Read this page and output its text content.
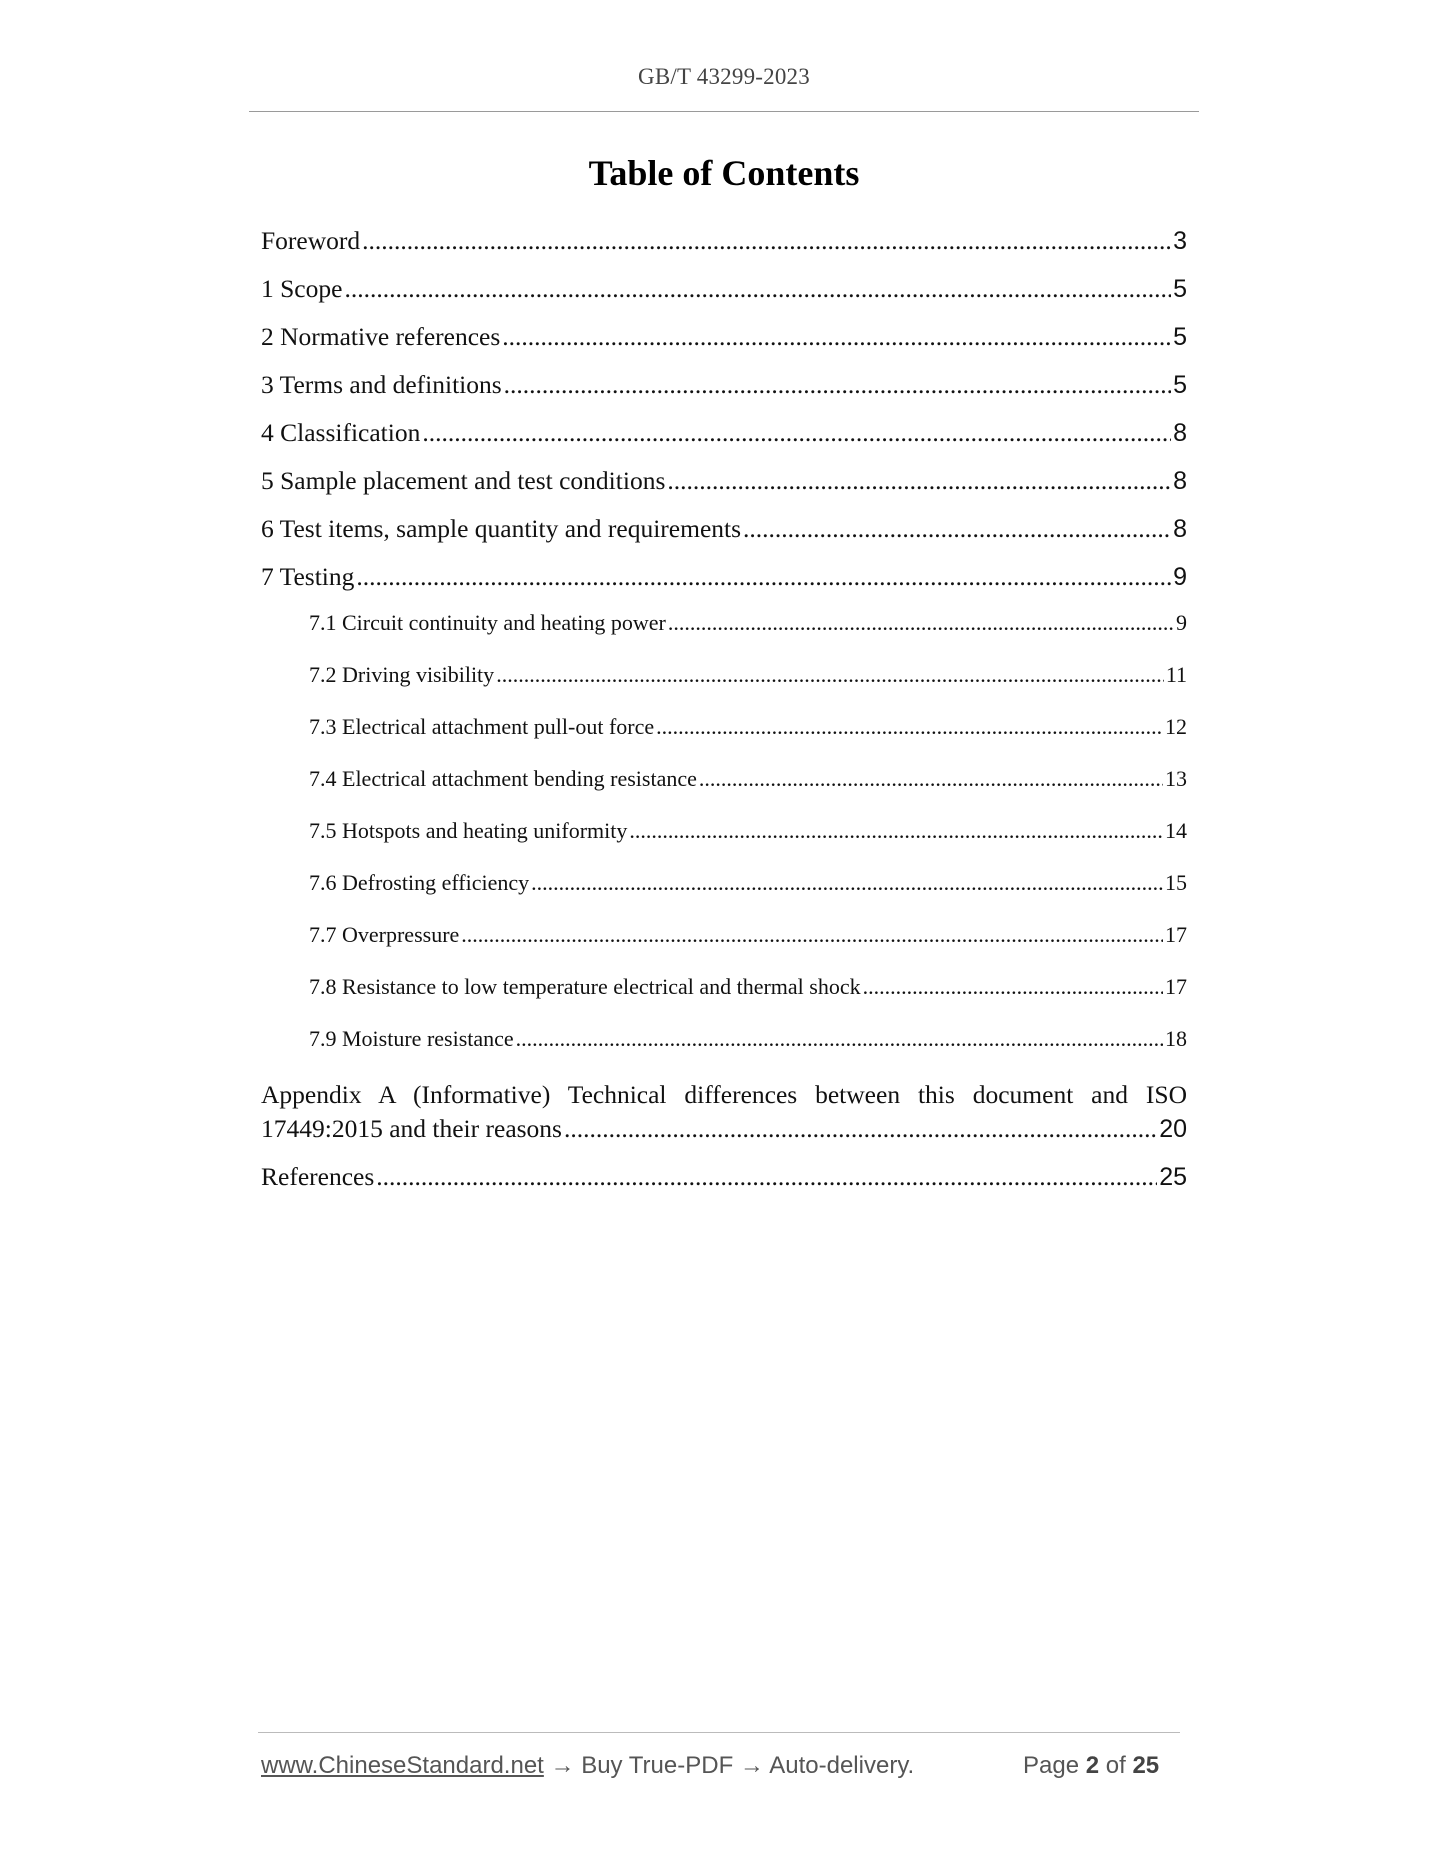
GB/T 43299-2023
Table of Contents
Foreword .....	3
1 Scope .....	5
2 Normative references .....	5
3 Terms and definitions .....	5
4 Classification .....	8
5 Sample placement and test conditions .....	8
6 Test items, sample quantity and requirements .....	8
7 Testing .....	9
7.1 Circuit continuity and heating power .....	9
7.2 Driving visibility .....	11
7.3 Electrical attachment pull-out force .....	12
7.4 Electrical attachment bending resistance .....	13
7.5 Hotspots and heating uniformity .....	14
7.6 Defrosting efficiency .....	15
7.7 Overpressure .....	17
7.8 Resistance to low temperature electrical and thermal shock .....	17
7.9 Moisture resistance .....	18
Appendix A (Informative) Technical differences between this document and ISO
17449:2015 and their reasons .....	20
References .....	25
www.ChineseStandard.net → Buy True-PDF → Auto-delivery.	Page 2 of 25
